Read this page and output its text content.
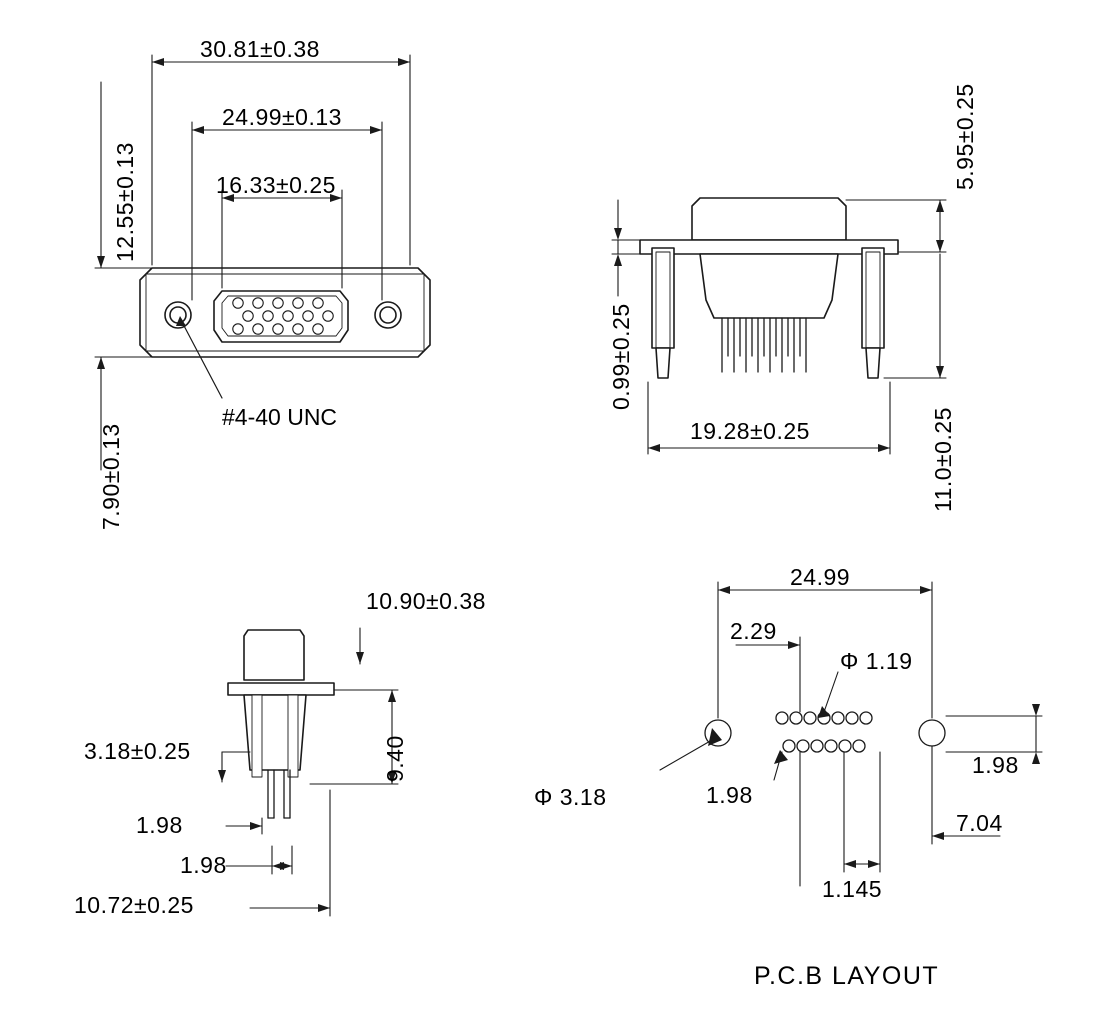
30.81±0.38
24.99±0.13
16.33±0.25
12.55±0.13
7.90±0.13
#4-40 UNC
5.95±0.25
0.99±0.25
19.28±0.25	11.0±0.25
10.90±0.38
9.40
3.18±0.25
1.98
1.98
10.72±0.25
24.99
2.29
Φ 1.19
Φ 3.18	1.98
1.98
7.04
1.145
P.C.B LAYOUT
